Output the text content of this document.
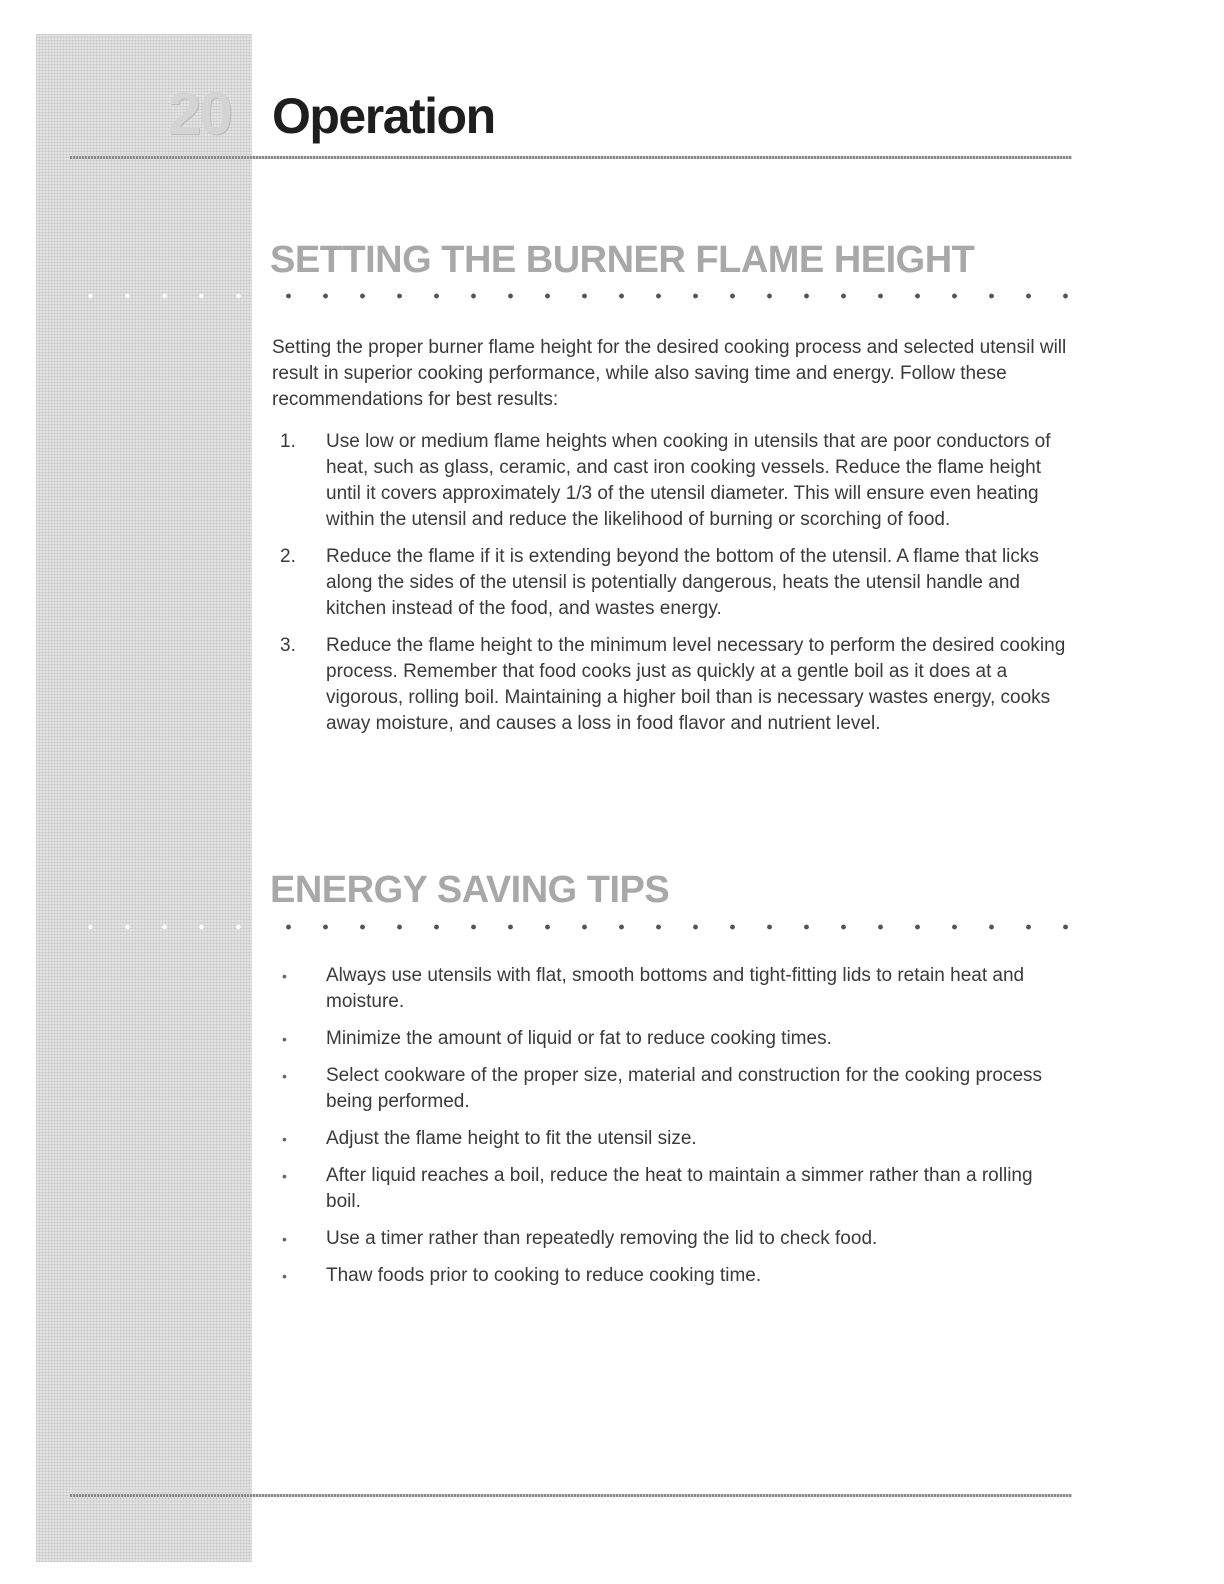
20 Operation
SETTING THE BURNER FLAME HEIGHT

Setting the proper burner flame height for the desired cooking process and selected utensil will result in superior cooking performance, while also saving time and energy. Follow these recommendations for best results:

1. Use low or medium flame heights when cooking in utensils that are poor conductors of heat, such as glass, ceramic, and cast iron cooking vessels. Reduce the flame height until it covers approximately 1/3 of the utensil diameter. This will ensure even heating within the utensil and reduce the likelihood of burning or scorching of food.
2. Reduce the flame if it is extending beyond the bottom of the utensil. A flame that licks along the sides of the utensil is potentially dangerous, heats the utensil handle and kitchen instead of the food, and wastes energy.
3. Reduce the flame height to the minimum level necessary to perform the desired cooking process. Remember that food cooks just as quickly at a gentle boil as it does at a vigorous, rolling boil. Maintaining a higher boil than is necessary wastes energy, cooks away moisture, and causes a loss in food flavor and nutrient level.
ENERGY SAVING TIPS
• Always use utensils with flat, smooth bottoms and tight-fitting lids to retain heat and moisture.
• Minimize the amount of liquid or fat to reduce cooking times.
• Select cookware of the proper size, material and construction for the cooking process being performed.
• Adjust the flame height to fit the utensil size.
• After liquid reaches a boil, reduce the heat to maintain a simmer rather than a rolling boil.
• Use a timer rather than repeatedly removing the lid to check food.
• Thaw foods prior to cooking to reduce cooking time.
